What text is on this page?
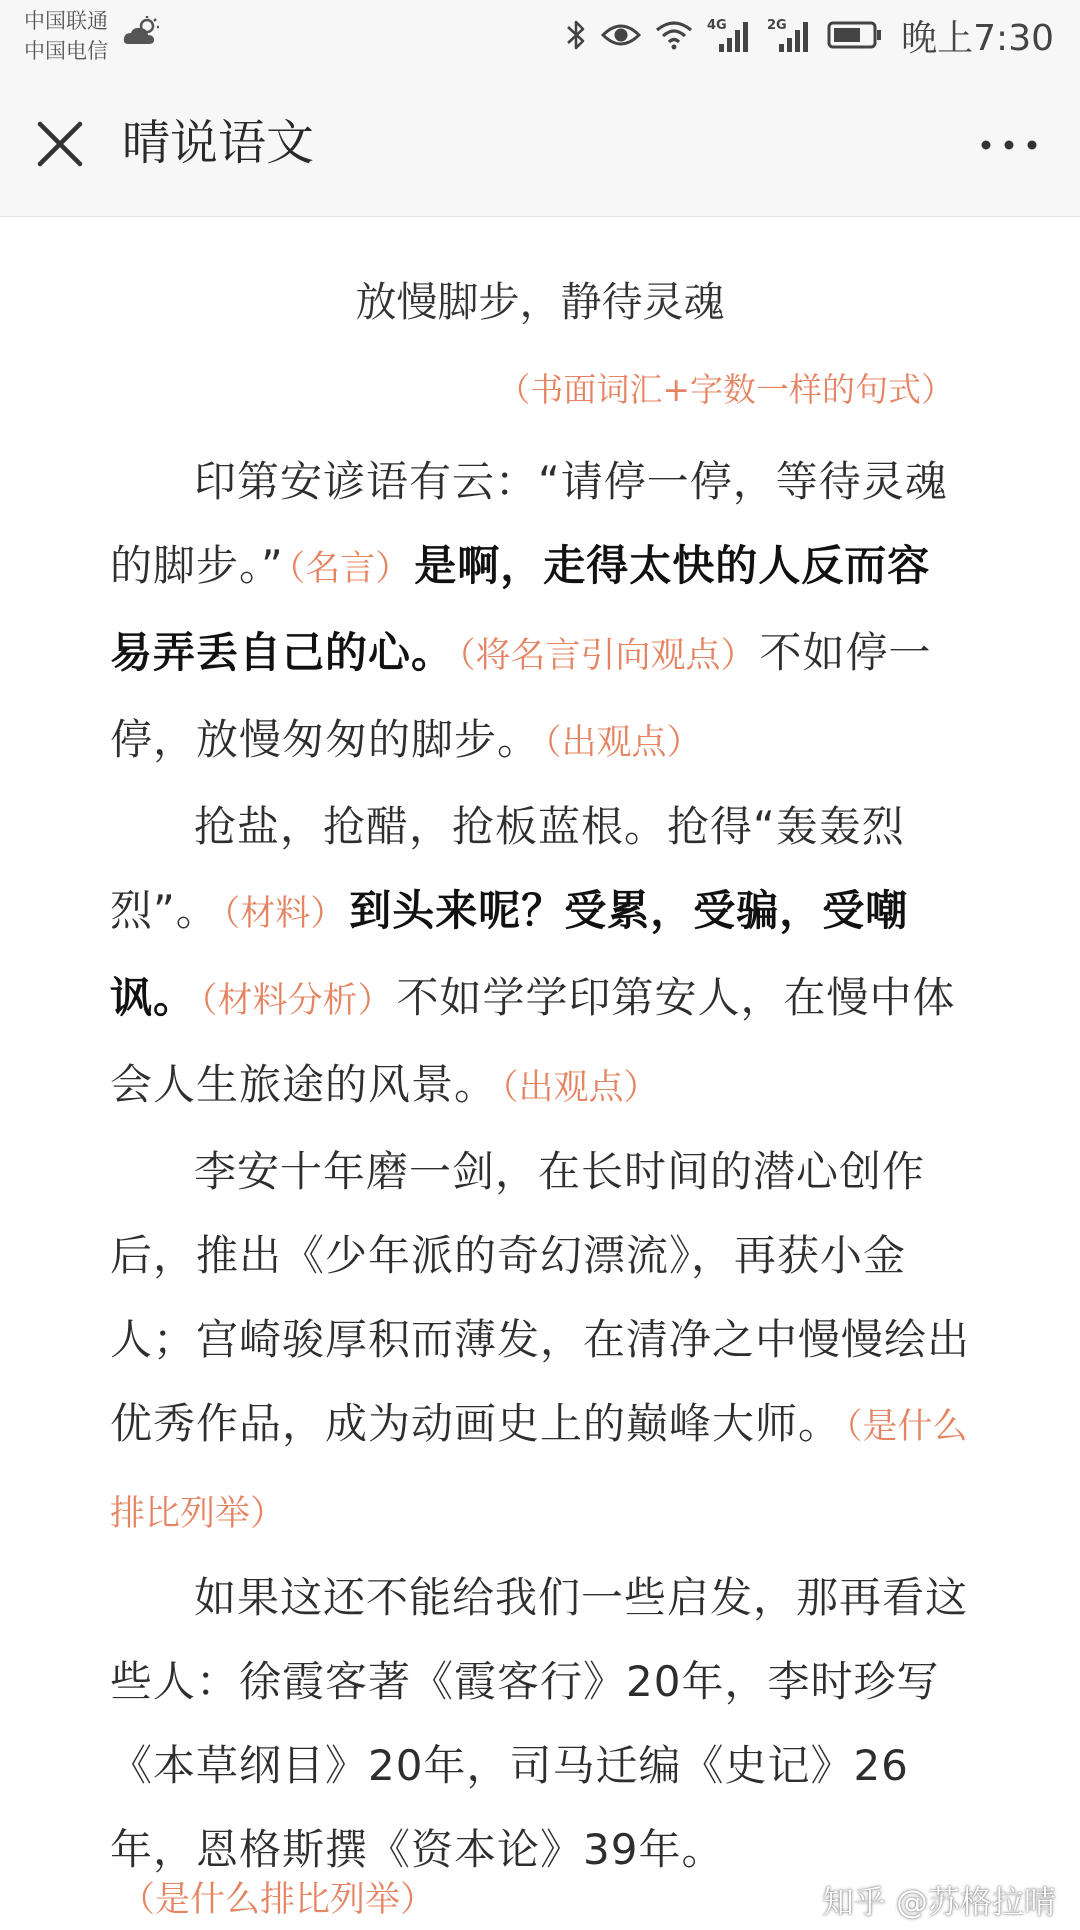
中国联通
中国电信
4G	2G	晚上7:30
晴说语文
放慢脚步，静待灵魂
（书面词汇+字数一样的句式）

印第安谚语有云：“请停一停，等待灵魂的脚步。” （名言）是啊，走得太快的人反而容易弄丢自己的心。 （将名言引向观点）不如停一停，放慢匆匆的脚步。 （出观点）

抢盐，抢醋，抢板蓝根。抢得“轰轰烈烈”。 （材料）到头来呢？受累，受骗，受嘲讽。 （材料分析）不如学学印第安人，在慢中体会人生旅途的风景。 （出观点）

李安十年磨一剑，在长时间的潜心创作后，推出《少年派的奇幻漂流》，再获小金人；宫崎骏厚积而薄发，在清净之中慢慢绘出优秀作品，成为动画史上的巅峰大师。 （是什么排比列举）

如果这还不能给我们一些启发，那再看这些人：徐霞客著《霞客行》20年，李时珍写《本草纲目》20年，司马迁编《史记》26年，恩格斯撰《资本论》39年。

（是什么排比列举）	知乎 @苏格拉晴
